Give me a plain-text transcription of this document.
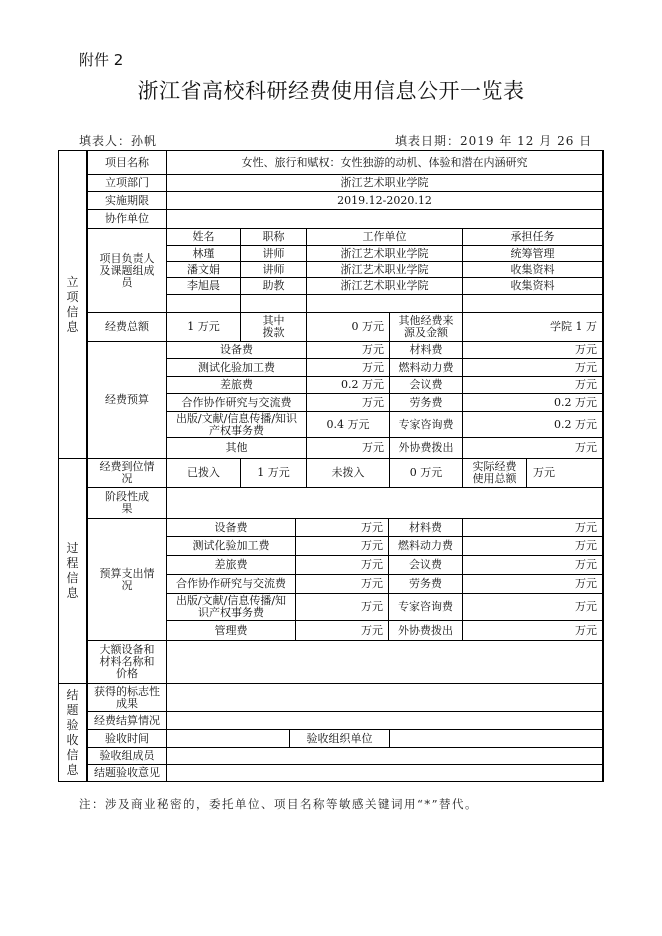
附件 2
浙江省高校科研经费使用信息公开一览表
填表人：孙帆	填表日期：2019 年 12 月 26 日
立项信息
过程信息
结题验收信息
项目名称	女性、旅行和赋权：女性独游的动机、体验和潜在内涵研究
立项部门	浙江艺术职业学院
实施期限	2019.12-2020.12
协作单位
项目负责人及课题组成员
姓名	职称	工作单位	承担任务
林瑾	讲师	浙江艺术职业学院	统筹管理
潘文娟	讲师	浙江艺术职业学院	收集资料
李旭晨	助教	浙江艺术职业学院	收集资料
经费总额	1 万元	其中拨款	0 万元	其他经费来源及金额	学院 1 万
经费预算
设备费	万元	材料费	万元
测试化验加工费	万元	燃料动力费	万元
差旅费	0.2 万元	会议费	万元
合作协作研究与交流费	万元	劳务费	0.2 万元
出版/文献/信息传播/知识产权事务费	0.4 万元	专家咨询费	0.2 万元
其他	万元	外协费拨出	万元
经费到位情况	已拨入	1 万元	未拨入	0 万元	实际经费使用总额	万元
阶段性成果
预算支出情况
设备费	万元	材料费	万元
测试化验加工费	万元	燃料动力费	万元
差旅费	万元	会议费	万元
合作协作研究与交流费	万元	劳务费	万元
出版/文献/信息传播/知识产权事务费	万元	专家咨询费	万元
管理费	万元	外协费拨出	万元
大额设备和材料名称和价格
获得的标志性成果
经费结算情况
验收时间	验收组织单位
验收组成员
结题验收意见
注：涉及商业秘密的，委托单位、项目名称等敏感关键词用“*”替代。
